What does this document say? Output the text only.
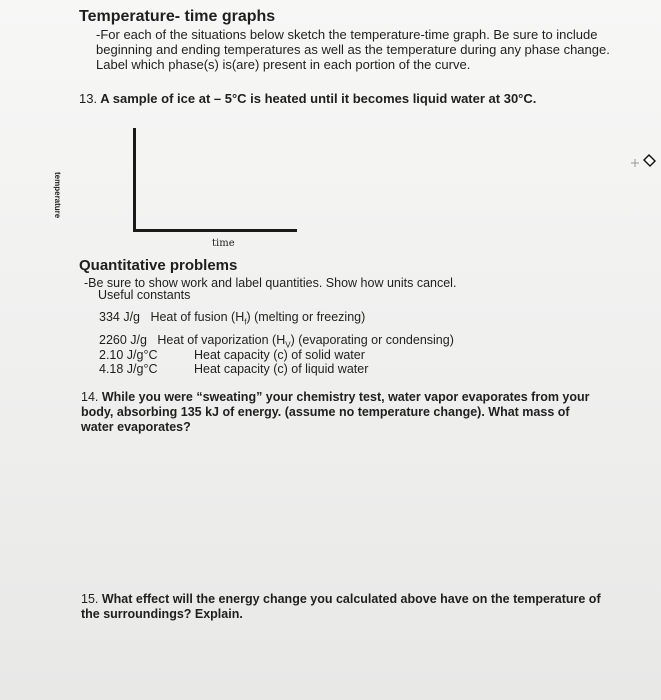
Temperature- time graphs
-For each of the situations below sketch the temperature-time graph. Be sure to include beginning and ending temperatures as well as the temperature during any phase change. Label which phase(s) is(are) present in each portion of the curve.
13. A sample of ice at – 5°C is heated until it becomes liquid water at 30°C.
temperature
time
Quantitative problems
-Be sure to show work and label quantities. Show how units cancel.
Useful constants
334 J/g Heat of fusion $(H_f)$ (melting or freezing)
2260 J/g Heat of vaporization $(H_V)$ (evaporating or condensing)
2.10 J/g°C	Heat capacity (c) of solid water
4.18 J/g°C	Heat capacity (c) of liquid water
14. While you were “sweating” your chemistry test, water vapor evaporates from your body, absorbing 135 kJ of energy. (assume no temperature change). What mass of water evaporates?
15. What effect will the energy change you calculated above have on the temperature of the surroundings? Explain.
